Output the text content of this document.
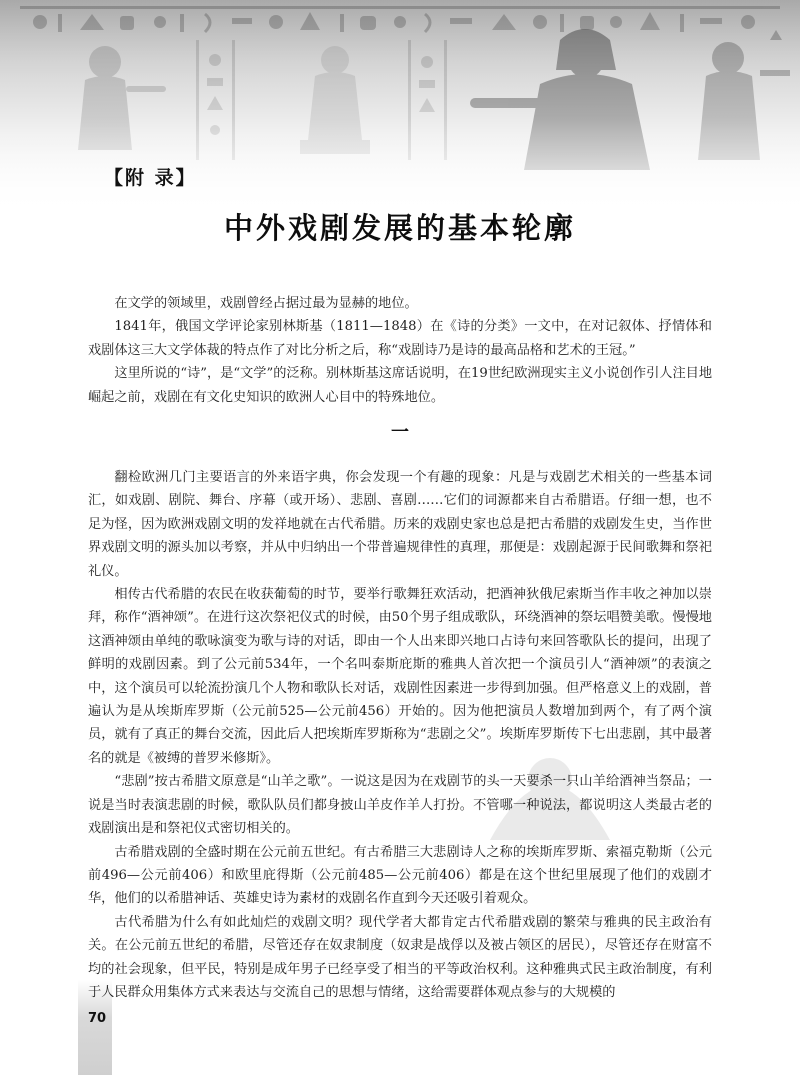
【附 录】
中外戏剧发展的基本轮廓

在文学的领域里，戏剧曾经占据过最为显赫的地位。

1841年，俄国文学评论家别林斯基（1811—1848）在《诗的分类》一文中，在对记叙体、抒情体和戏剧体这三大文学体裁的特点作了对比分析之后，称“戏剧诗乃是诗的最高品格和艺术的王冠。”

这里所说的“诗”，是“文学”的泛称。别林斯基这席话说明，在19世纪欧洲现实主义小说创作引人注目地崛起之前，戏剧在有文化史知识的欧洲人心目中的特殊地位。

一

翻检欧洲几门主要语言的外来语字典，你会发现一个有趣的现象：凡是与戏剧艺术相关的一些基本词汇，如戏剧、剧院、舞台、序幕（或开场）、悲剧、喜剧……它们的词源都来自古希腊语。仔细一想，也不足为怪，因为欧洲戏剧文明的发祥地就在古代希腊。历来的戏剧史家也总是把古希腊的戏剧发生史，当作世界戏剧文明的源头加以考察，并从中归纳出一个带普遍规律性的真理，那便是：戏剧起源于民间歌舞和祭祀礼仪。

相传古代希腊的农民在收获葡萄的时节，要举行歌舞狂欢活动，把酒神狄俄尼索斯当作丰收之神加以崇拜，称作“酒神颂”。在进行这次祭祀仪式的时候，由50个男子组成歌队，环绕酒神的祭坛唱赞美歌。慢慢地这酒神颂由单纯的歌咏演变为歌与诗的对话，即由一个人出来即兴地口占诗句来回答歌队长的提问，出现了鲜明的戏剧因素。到了公元前534年，一个名叫泰斯庇斯的雅典人首次把一个演员引人“酒神颂”的表演之中，这个演员可以轮流扮演几个人物和歌队长对话，戏剧性因素进一步得到加强。但严格意义上的戏剧，普遍认为是从埃斯库罗斯（公元前525—公元前456）开始的。因为他把演员人数增加到两个，有了两个演员，就有了真正的舞台交流，因此后人把埃斯库罗斯称为“悲剧之父”。埃斯库罗斯传下七出悲剧，其中最著名的就是《被缚的普罗米修斯》。

“悲剧”按古希腊文原意是“山羊之歌”。一说这是因为在戏剧节的头一天要杀一只山羊给酒神当祭品；一说是当时表演悲剧的时候，歌队队员们都身披山羊皮作羊人打扮。不管哪一种说法，都说明这人类最古老的戏剧演出是和祭祀仪式密切相关的。

古希腊戏剧的全盛时期在公元前五世纪。有古希腊三大悲剧诗人之称的埃斯库罗斯、索福克勒斯（公元前496—公元前406）和欧里庇得斯（公元前485—公元前406）都是在这个世纪里展现了他们的戏剧才华，他们的以希腊神话、英雄史诗为素材的戏剧名作直到今天还吸引着观众。

古代希腊为什么有如此灿烂的戏剧文明？现代学者大都肯定古代希腊戏剧的繁荣与雅典的民主政治有关。在公元前五世纪的希腊，尽管还存在奴隶制度（奴隶是战俘以及被占领区的居民），尽管还存在财富不均的社会现象，但平民，特别是成年男子已经享受了相当的平等政治权利。这种雅典式民主政治制度，有利于人民群众用集体方式来表达与交流自己的思想与情绪，这给需要群体观点参与的大规模的

70
